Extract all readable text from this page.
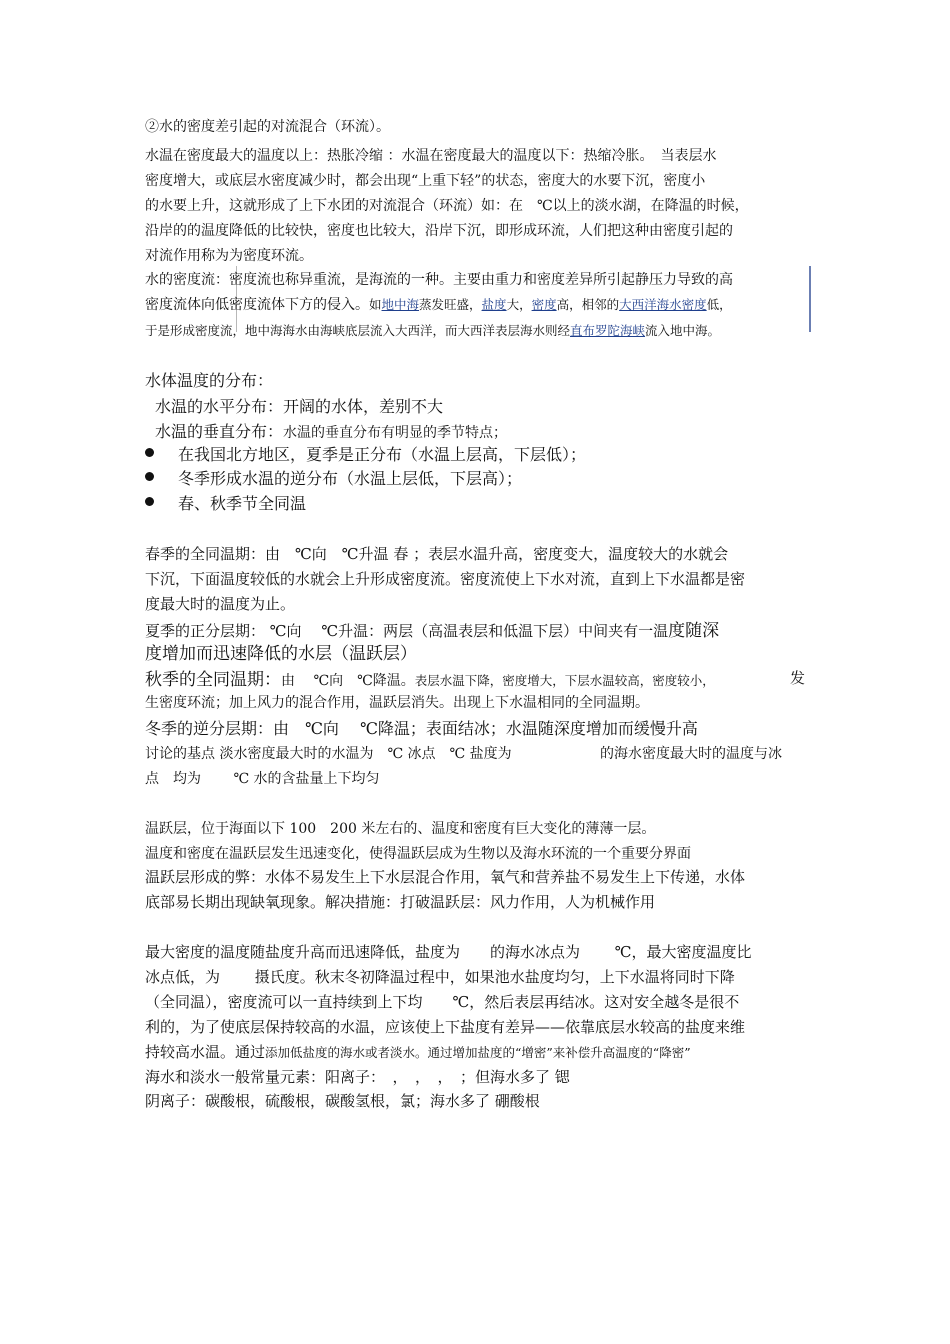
②水的密度差引起的对流混合（环流）。
水温在密度最大的温度以上：热胀冷缩 ：水温在密度最大的温度以下：热缩冷胀。　当表层水
密度增大，或底层水密度减少时，都会出现“上重下轻”的状态，密度大的水要下沉，密度小
的水要上升，这就形成了上下水团的对流混合（环流）如：在　℃以上的淡水湖，在降温的时候，
沿岸的的温度降低的比较快，密度也比较大，沿岸下沉，即形成环流，人们把这种由密度引起的
对流作用称为为密度环流。
水的密度流：密度流也称异重流，是海流的一种。主要由重力和密度差异所引起静压力导致的高
密度流体向低密度流体下方的侵入。如地中海蒸发旺盛，盐度大，密度高，相邻的大西洋海水密度低，
于是形成密度流，地中海海水由海峡底层流入大西洋，而大西洋表层海水则经直布罗陀海峡流入地中海。
水体温度的分布：
水温的水平分布：开阔的水体，差别不大
水温的垂直分布：水温的垂直分布有明显的季节特点；
在我国北方地区，夏季是正分布（水温上层高，下层低）；
冬季形成水温的逆分布（水温上层低，下层高）；
春、秋季节全同温
春季的全同温期：由　℃向　℃升温 春 ；表层水温升高，密度变大，温度较大的水就会
下沉，下面温度较低的水就会上升形成密度流。密度流使上下水对流，直到上下水温都是密
度最大时的温度为止。
夏季的正分层期： ℃向　 ℃升温：两层（高温表层和低温下层）中间夹有一温度随深
度增加而迅速降低的水层（温跃层）
秋季的全同温期：由　 ℃向　℃降温。表层水温下降，密度增大，下层水温较高，密度较小，	发
生密度环流；加上风力的混合作用，温跃层消失。出现上下水温相同的全同温期。
冬季的逆分层期：由　℃向　 ℃降温；表面结冰；水温随深度增加而缓慢升高
讨论的基点 淡水密度最大时的水温为　℃ 冰点　℃ 盐度为	的海水密度最大时的温度与冰
点　均为　　 ℃ 水的含盐量上下均匀
温跃层，位于海面以下 100　200 米左右的、温度和密度有巨大变化的薄薄一层。
温度和密度在温跃层发生迅速变化，使得温跃层成为生物以及海水环流的一个重要分界面
温跃层形成的弊：水体不易发生上下水层混合作用，氧气和营养盐不易发生上下传递，水体
底部易长期出现缺氧现象。解决措施：打破温跃层：风力作用，人为机械作用
最大密度的温度随盐度升高而迅速降低，盐度为　　的海水冰点为　　 ℃，最大密度温度比
冰点低，为　　 摄氏度。秋末冬初降温过程中，如果池水盐度均匀，上下水温将同时下降
（全同温），密度流可以一直持续到上下均　　℃，然后表层再结冰。这对安全越冬是很不
利的，为了使底层保持较高的水温，应该使上下盐度有差异——依靠底层水较高的盐度来维
持较高水温。通过添加低盐度的海水或者淡水。通过增加盐度的“增密”来补偿升高温度的“降密”
海水和淡水一般常量元素：阳离子：　，　，　，　；但海水多了 锶
阴离子：碳酸根，硫酸根，碳酸氢根，氯；海水多了 硼酸根
